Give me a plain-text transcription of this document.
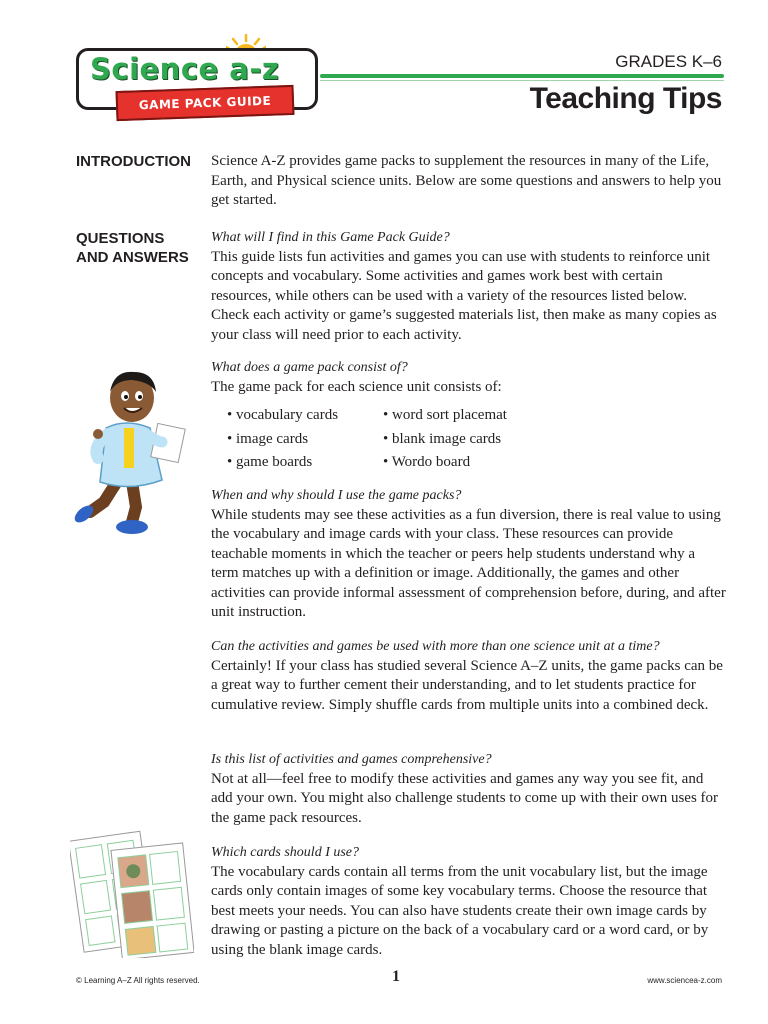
Science a-z
GAME PACK GUIDE
GRADES K–6
Teaching Tips
INTRODUCTION Science A-Z provides game packs to supplement the resources in many of the Life, Earth, and Physical science units. Below are some questions and answers to help you get started.
QUESTIONS
AND ANSWERS
What will I find in this Game Pack Guide?
This guide lists fun activities and games you can use with students to reinforce unit concepts and vocabulary. Some activities and games work best with certain resources, while others can be used with a variety of the resources listed below. Check each activity or game’s suggested materials list, then make as many copies as your class will need prior to each activity.
What does a game pack consist of?
The game pack for each science unit consists of:
• vocabulary cards
• image cards
• game boards
• word sort placemat
• blank image cards
• Wordo board
When and why should I use the game packs?
While students may see these activities as a fun diversion, there is real value to using the vocabulary and image cards with your class. These resources can provide teachable moments in which the teacher or peers help students understand why a term matches up with a definition or image. Additionally, the games and other activities can provide informal assessment of comprehension before, during, and after unit instruction.
Can the activities and games be used with more than one science unit at a time?
Certainly! If your class has studied several Science A–Z units, the game packs can be a great way to further cement their understanding, and to let students practice for cumulative review. Simply shuffle cards from multiple units into a combined deck.
Is this list of activities and games comprehensive?
Not at all—feel free to modify these activities and games any way you see fit, and add your own. You might also challenge students to come up with their own uses for the game pack resources.
Which cards should I use?
The vocabulary cards contain all terms from the unit vocabulary list, but the image cards only contain images of some key vocabulary terms. Choose the resource that best meets your needs. You can also have students create their own image cards by drawing or pasting a picture on the back of a vocabulary card or a word card, or by using the blank image cards.
© Learning A–Z All rights reserved.	1	www.sciencea-z.com
